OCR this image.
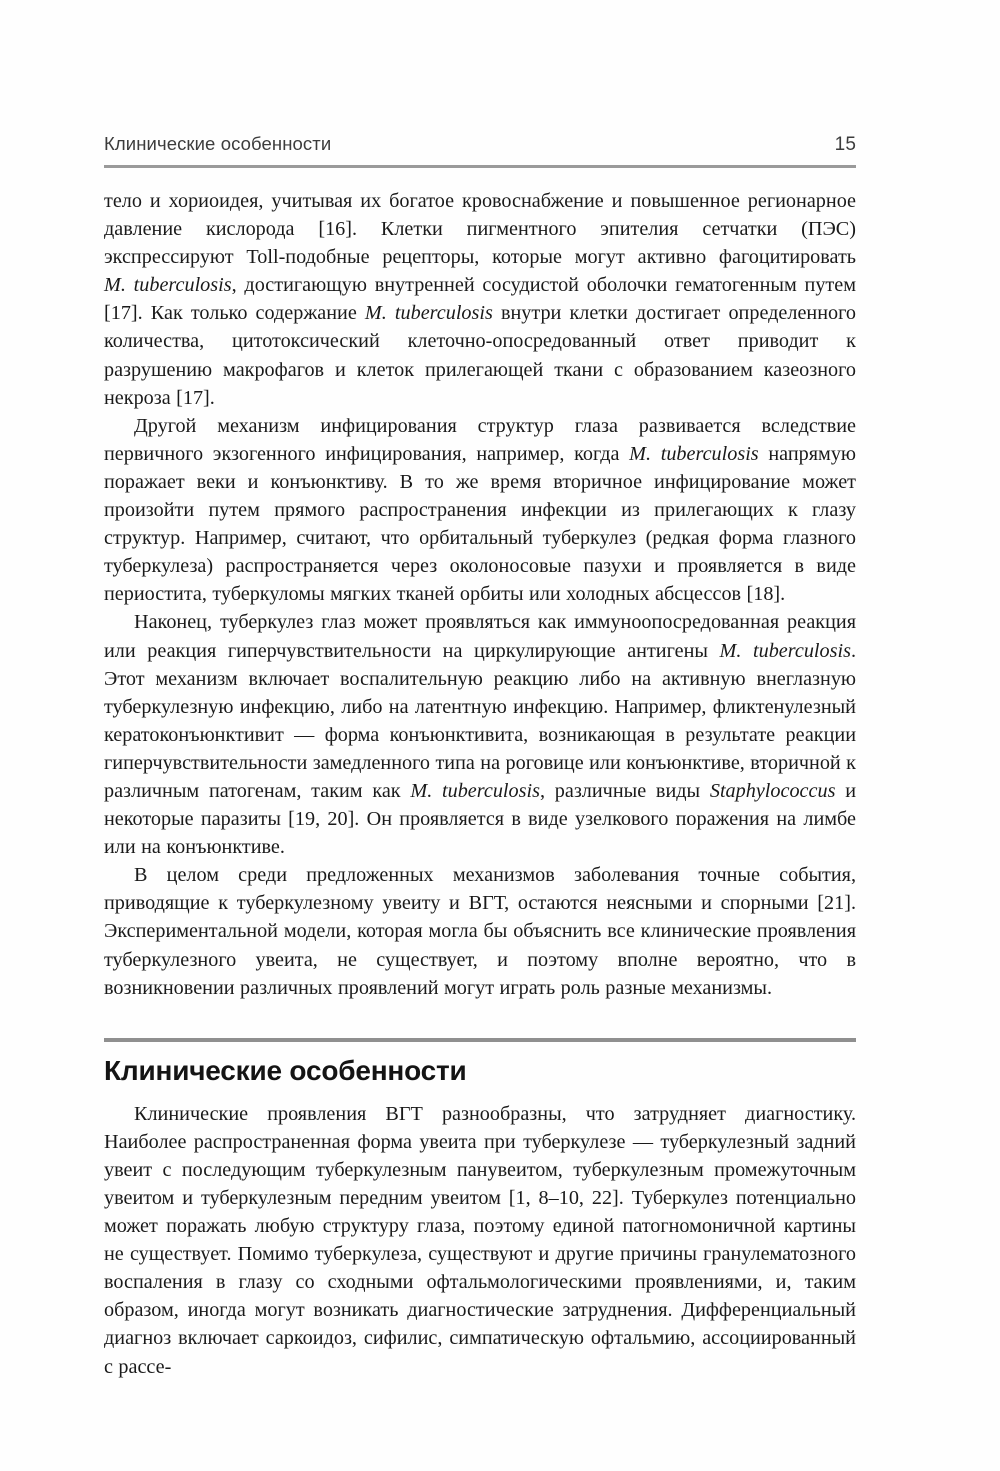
Клинические особенности	15

тело и хориоидея, учитывая их богатое кровоснабжение и повышенное регионарное давление кислорода [16]. Клетки пигментного эпителия сетчатки (ПЭС) экспрессируют Toll-подобные рецепторы, которые могут активно фагоцитировать M. tuberculosis, достигающую внутренней сосудистой оболочки гематогенным путем [17]. Как только содержание M. tuberculosis внутри клетки достигает определенного количества, цитотоксический клеточно-опосредованный ответ приводит к разрушению макрофагов и клеток прилегающей ткани с образованием казеозного некроза [17].

Другой механизм инфицирования структур глаза развивается вследствие первичного экзогенного инфицирования, например, когда M. tuberculosis напрямую поражает веки и конъюнктиву. В то же время вторичное инфицирование может произойти путем прямого распространения инфекции из прилегающих к глазу структур. Например, считают, что орбитальный туберкулез (редкая форма глазного туберкулеза) распространяется через околоносовые пазухи и проявляется в виде периостита, туберкуломы мягких тканей орбиты или холодных абсцессов [18].

Наконец, туберкулез глаз может проявляться как иммуноопосредованная реакция или реакция гиперчувствительности на циркулирующие антигены M. tuberculosis. Этот механизм включает воспалительную реакцию либо на активную внеглазную туберкулезную инфекцию, либо на латентную инфекцию. Например, фликтенулезный кератоконъюнктивит — форма конъюнктивита, возникающая в результате реакции гиперчувствительности замедленного типа на роговице или конъюнктиве, вторичной к различным патогенам, таким как M. tuberculosis, различные виды Staphylococcus и некоторые паразиты [19, 20]. Он проявляется в виде узелкового поражения на лимбе или на конъюнктиве.

В целом среди предложенных механизмов заболевания точные события, приводящие к туберкулезному увеиту и ВГТ, остаются неясными и спорными [21]. Экспериментальной модели, которая могла бы объяснить все клинические проявления туберкулезного увеита, не существует, и поэтому вполне вероятно, что в возникновении различных проявлений могут играть роль разные механизмы.

Клинические особенности

Клинические проявления ВГТ разнообразны, что затрудняет диагностику. Наиболее распространенная форма увеита при туберкулезе — туберкулезный задний увеит с последующим туберкулезным панувеитом, туберкулезным промежуточным увеитом и туберкулезным передним увеитом [1, 8–10, 22]. Туберкулез потенциально может поражать любую структуру глаза, поэтому единой патогномоничной картины не существует. Помимо туберкулеза, существуют и другие причины гранулематозного воспаления в глазу со сходными офтальмологическими проявлениями, и, таким образом, иногда могут возникать диагностические затруднения. Дифференциальный диагноз включает саркоидоз, сифилис, симпатическую офтальмию, ассоциированный с рассе-
